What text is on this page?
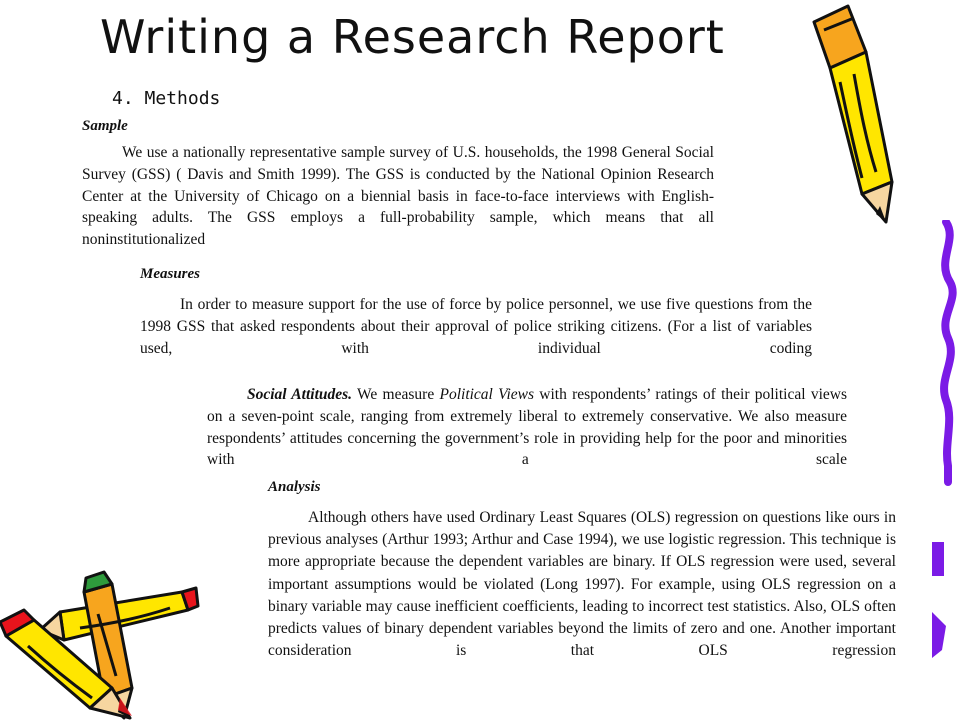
Writing a Research Report
4. Methods

Sample

We use a nationally representative sample survey of U.S. households, the 1998 General Social Survey (GSS) ( Davis and Smith 1999). The GSS is conducted by the National Opinion Research Center at the University of Chicago on a biennial basis in face-to-face interviews with English-speaking adults. The GSS employs a full-probability sample, which means that all noninstitutionalized

Measures

In order to measure support for the use of force by police personnel, we use five questions from the 1998 GSS that asked respondents about their approval of police striking citizens. (For a list of variables used, with individual coding

Social Attitudes. We measure Political Views with respondents’ ratings of their political views on a seven-point scale, ranging from extremely liberal to extremely conservative. We also measure respondents’ attitudes concerning the government’s role in providing help for the poor and minorities with a scale

Analysis

Although others have used Ordinary Least Squares (OLS) regression on questions like ours in previous analyses (Arthur 1993; Arthur and Case 1994), we use logistic regression. This technique is more appropriate because the dependent variables are binary. If OLS regression were used, several important assumptions would be violated (Long 1997). For example, using OLS regression on a binary variable may cause inefficient coefficients, leading to incorrect test statistics. Also, OLS often predicts values of binary dependent variables beyond the limits of zero and one. Another important consideration is that OLS regression
